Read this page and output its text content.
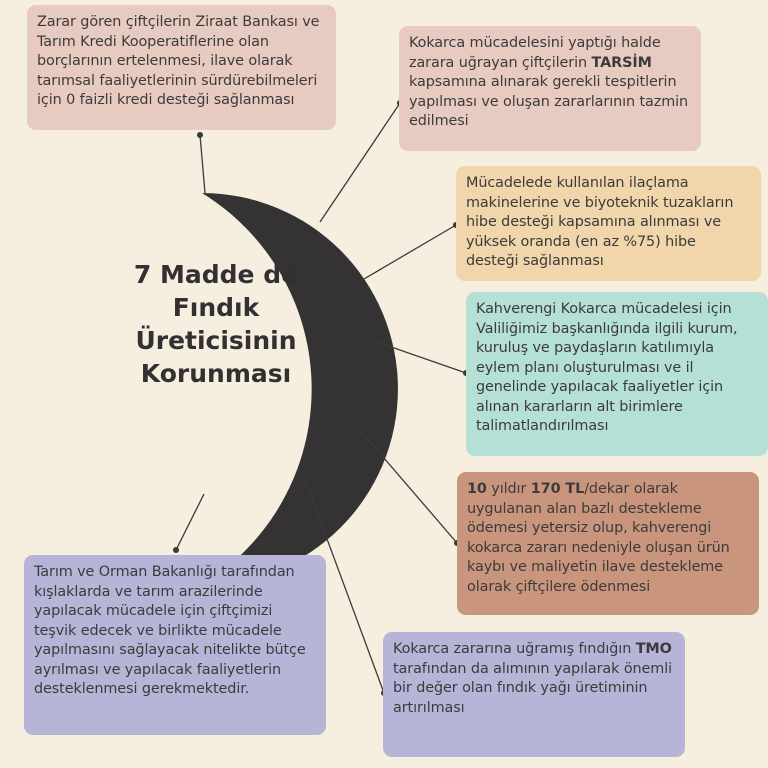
7 Madde de
Fındık
Üreticisinin
Korunması
Zarar gören çiftçilerin Ziraat Bankası ve Tarım Kredi Kooperatiflerine olan borçlarının ertelenmesi, ilave olarak tarımsal faaliyetlerinin sürdürebilmeleri için 0 faizli kredi desteği sağlanması
Kokarca mücadelesini yaptığı halde zarara uğrayan çiftçilerin TARSİM kapsamına alınarak gerekli tespitlerin yapılması ve oluşan zararlarının tazmin edilmesi
Mücadelede kullanılan ilaçlama makinelerine ve biyoteknik tuzakların hibe desteği kapsamına alınması ve yüksek oranda (en az %75) hibe desteği sağlanması
Kahverengi Kokarca mücadelesi için Valiliğimiz başkanlığında ilgili kurum, kuruluş ve paydaşların katılımıyla eylem planı oluşturulması ve il genelinde yapılacak faaliyetler için alınan kararların alt birimlere talimatlandırılması
10 yıldır 170 TL/dekar olarak uygulanan alan bazlı destekleme ödemesi yetersiz olup, kahverengi kokarca zararı nedeniyle oluşan ürün kaybı ve maliyetin ilave destekleme olarak çiftçilere ödenmesi
Tarım ve Orman Bakanlığı tarafından kışlaklarda ve tarım arazilerinde yapılacak mücadele için çiftçimizi teşvik edecek ve birlikte mücadele yapılmasını sağlayacak nitelikte bütçe ayrılması ve yapılacak faaliyetlerin desteklenmesi gerekmektedir.
Kokarca zararına uğramış fındığın TMO tarafından da alımının yapılarak önemli bir değer olan fındık yağı üretiminin artırılması
